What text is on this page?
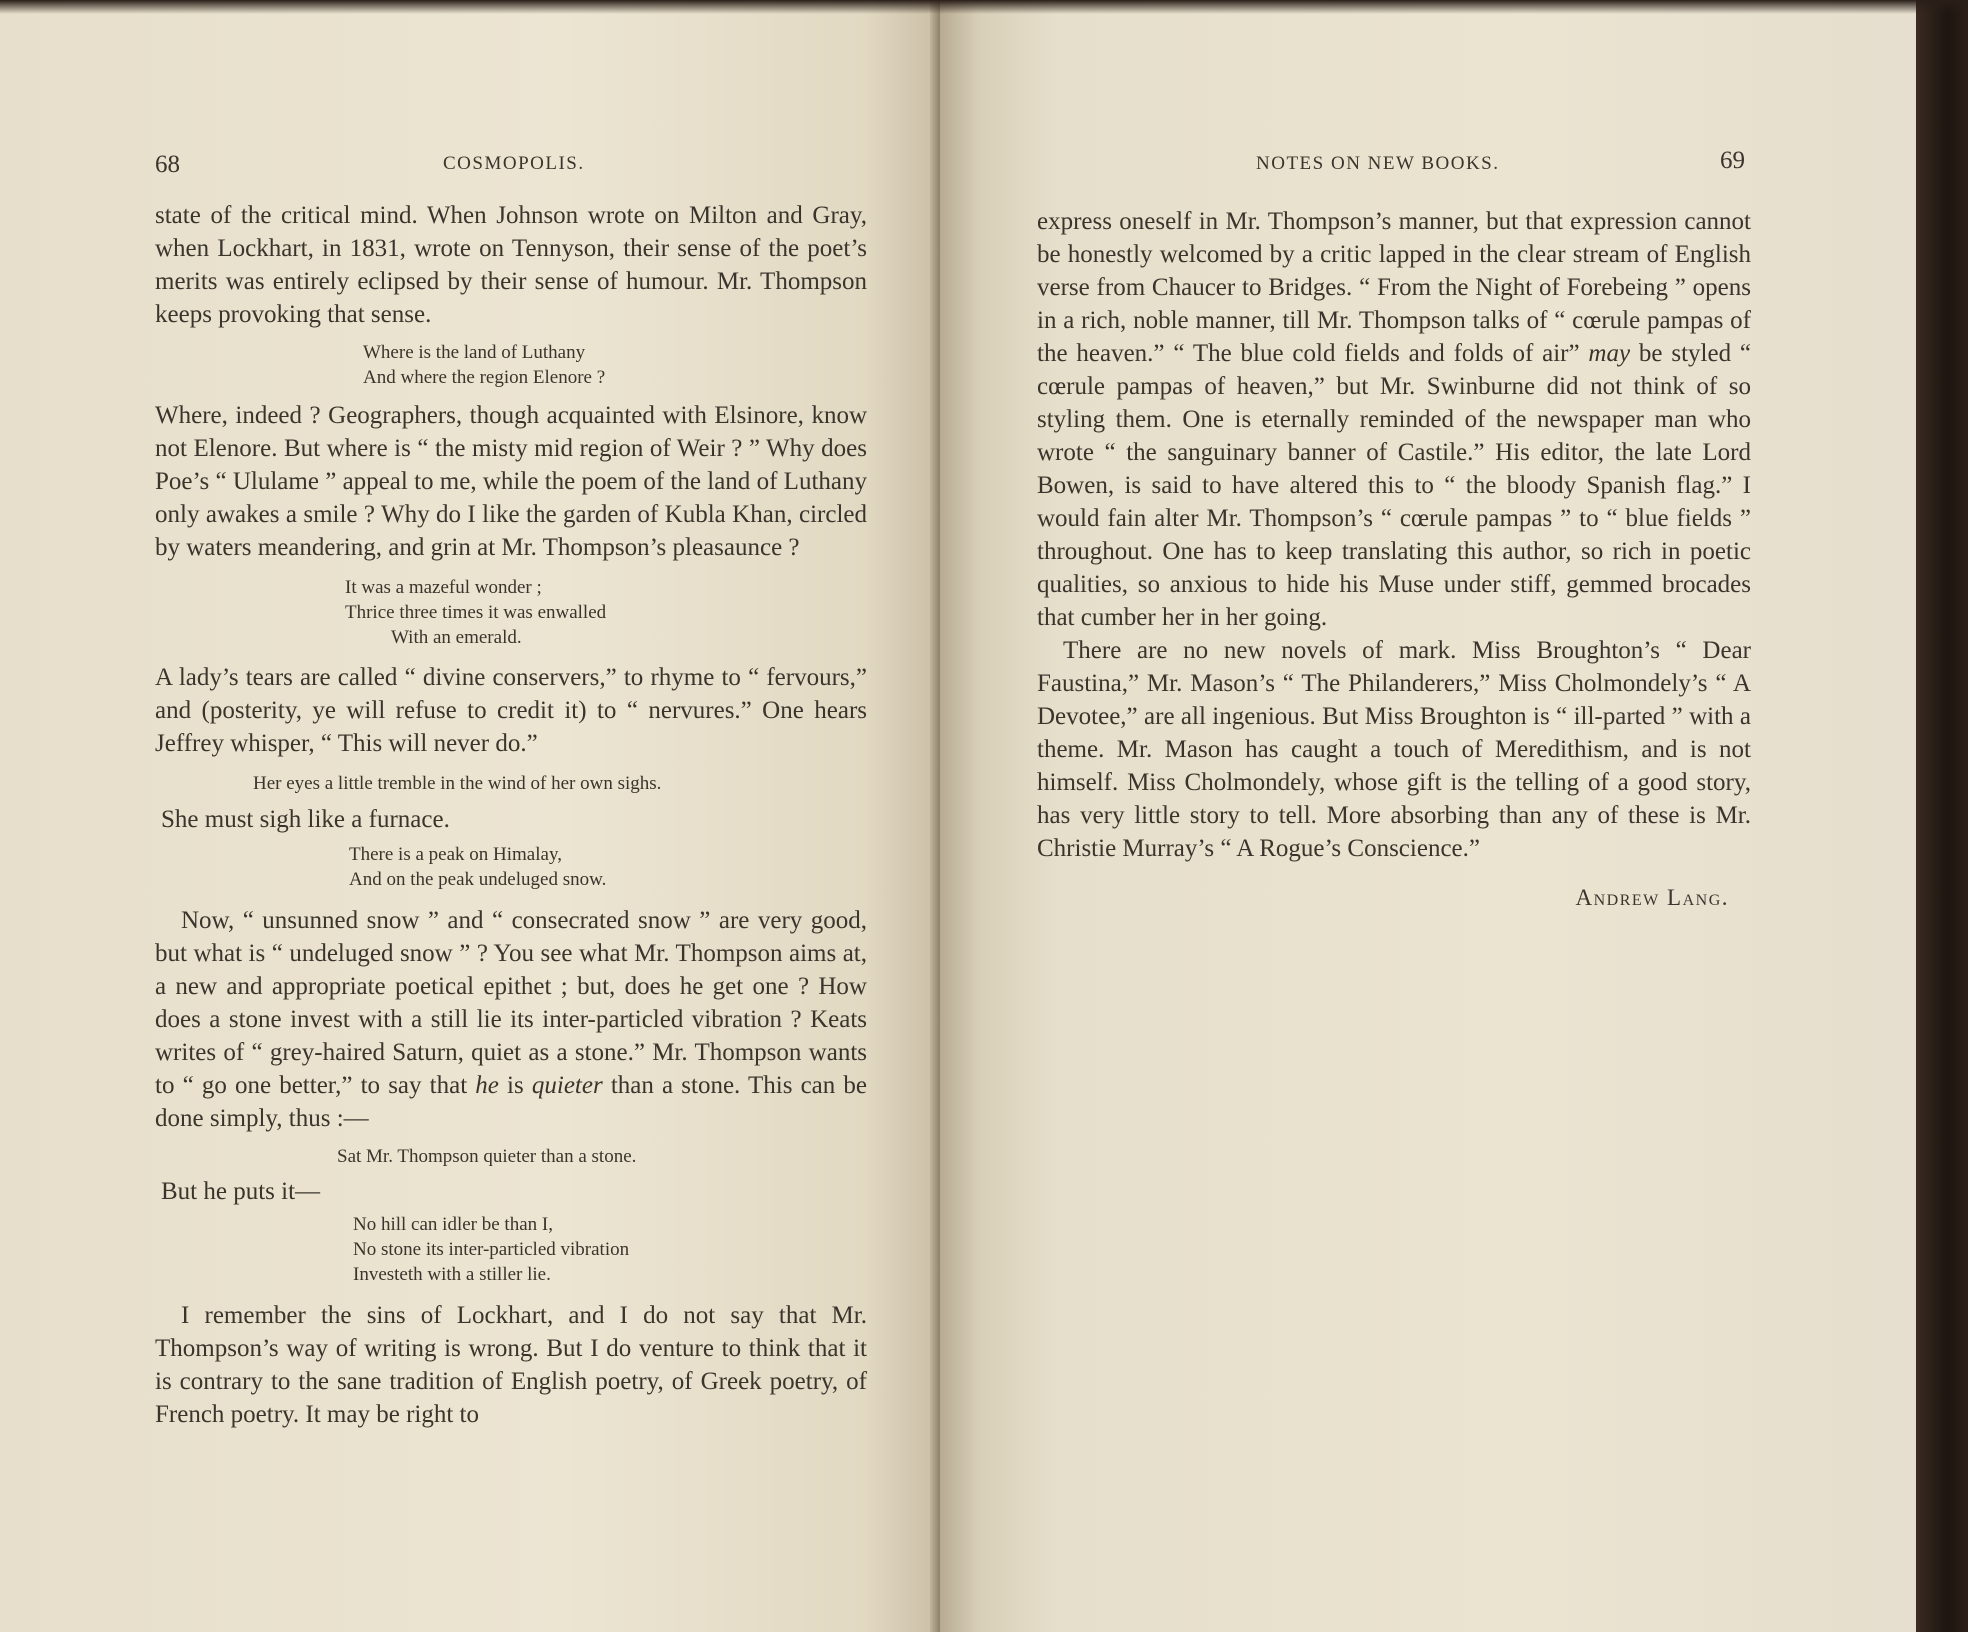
68	COSMOPOLIS.

state of the critical mind. When Johnson wrote on Milton and Gray, when Lockhart, in 1831, wrote on Tennyson, their sense of the poet’s merits was entirely eclipsed by their sense of humour. Mr. Thompson keeps provoking that sense.

Where is the land of Luthany
And where the region Elenore ?

Where, indeed ? Geographers, though acquainted with Elsinore, know not Elenore. But where is “ the misty mid region of Weir ? ” Why does Poe’s “ Ululame ” appeal to me, while the poem of the land of Luthany only awakes a smile ? Why do I like the garden of Kubla Khan, circled by waters meandering, and grin at Mr. Thompson’s pleasaunce ?

It was a mazeful wonder ;
Thrice three times it was enwalled
With an emerald.

A lady’s tears are called “ divine conservers,” to rhyme to “ fervours,” and (posterity, ye will refuse to credit it) to “ nervures.” One hears Jeffrey whisper, “ This will never do.”

Her eyes a little tremble in the wind of her own sighs.

She must sigh like a furnace.

There is a peak on Himalay,
And on the peak undeluged snow.

Now, “ unsunned snow ” and “ consecrated snow ” are very good, but what is “ undeluged snow ” ? You see what Mr. Thompson aims at, a new and appropriate poetical epithet ; but, does he get one ? How does a stone invest with a still lie its inter-particled vibration ? Keats writes of “ grey-haired Saturn, quiet as a stone.” Mr. Thompson wants to “ go one better,” to say that he is quieter than a stone. This can be done simply, thus :—

Sat Mr. Thompson quieter than a stone.

But he puts it—

No hill can idler be than I,
No stone its inter-particled vibration
Investeth with a stiller lie.

I remember the sins of Lockhart, and I do not say that Mr. Thompson’s way of writing is wrong. But I do venture to think that it is contrary to the sane tradition of English poetry, of Greek poetry, of French poetry. It may be right to

NOTES ON NEW BOOKS.	69

express oneself in Mr. Thompson’s manner, but that expression cannot be honestly welcomed by a critic lapped in the clear stream of English verse from Chaucer to Bridges. “ From the Night of Forebeing ” opens in a rich, noble manner, till Mr. Thompson talks of “ cœrule pampas of the heaven.” “ The blue cold fields and folds of air” may be styled “ cœrule pampas of heaven,” but Mr. Swinburne did not think of so styling them. One is eternally reminded of the newspaper man who wrote “ the sanguinary banner of Castile.” His editor, the late Lord Bowen, is said to have altered this to “ the bloody Spanish flag.” I would fain alter Mr. Thompson’s “ cœrule pampas ” to “ blue fields ” throughout. One has to keep translating this author, so rich in poetic qualities, so anxious to hide his Muse under stiff, gemmed brocades that cumber her in her going.

There are no new novels of mark. Miss Broughton’s “ Dear Faustina,” Mr. Mason’s “ The Philanderers,” Miss Cholmondely’s “ A Devotee,” are all ingenious. But Miss Broughton is “ ill-parted ” with a theme. Mr. Mason has caught a touch of Meredithism, and is not himself. Miss Cholmondely, whose gift is the telling of a good story, has very little story to tell. More absorbing than any of these is Mr. Christie Murray’s “ A Rogue’s Conscience.”

Andrew Lang.
